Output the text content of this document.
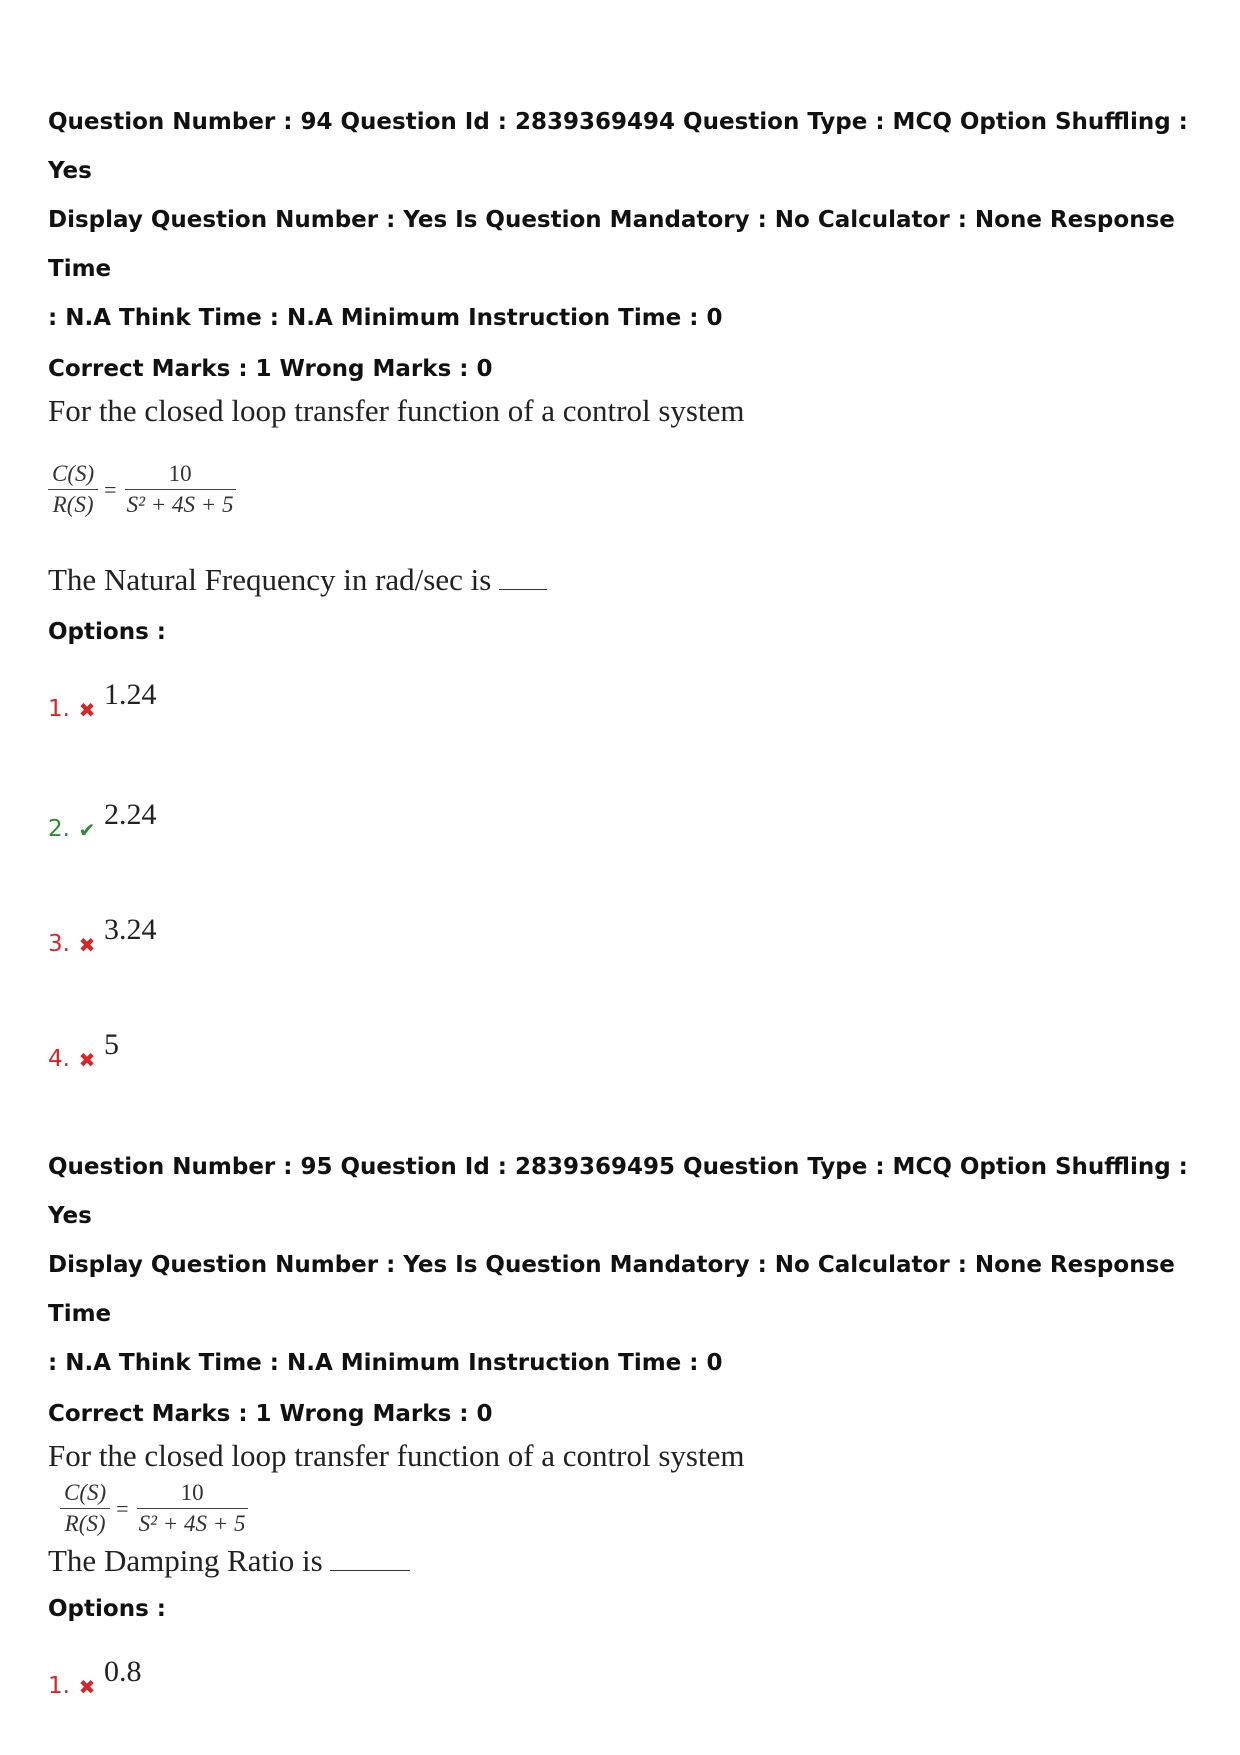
Question Number : 94 Question Id : 2839369494 Question Type : MCQ Option Shuffling : Yes

Display Question Number : Yes Is Question Mandatory : No Calculator : None Response Time

: N.A Think Time : N.A Minimum Instruction Time : 0

Correct Marks : 1 Wrong Marks : 0
For the closed loop transfer function of a control system
$\frac{C(S)}{R(S)} = \frac{10}{\text{S² + 4S + 5}}$
The Natural Frequency in rad/sec is
Options :
1. ✖ 1.24
2. ✔ 2.24
3. ✖ 3.24
4. ✖ 5

Question Number : 95 Question Id : 2839369495 Question Type : MCQ Option Shuffling : Yes

Display Question Number : Yes Is Question Mandatory : No Calculator : None Response Time

: N.A Think Time : N.A Minimum Instruction Time : 0

Correct Marks : 1 Wrong Marks : 0
For the closed loop transfer function of a control system
$\frac{C(S)}{R(S)} = \frac{10}{\text{S² + 4S + 5}}$
The Damping Ratio is
Options :
1. ✖ 0.8
